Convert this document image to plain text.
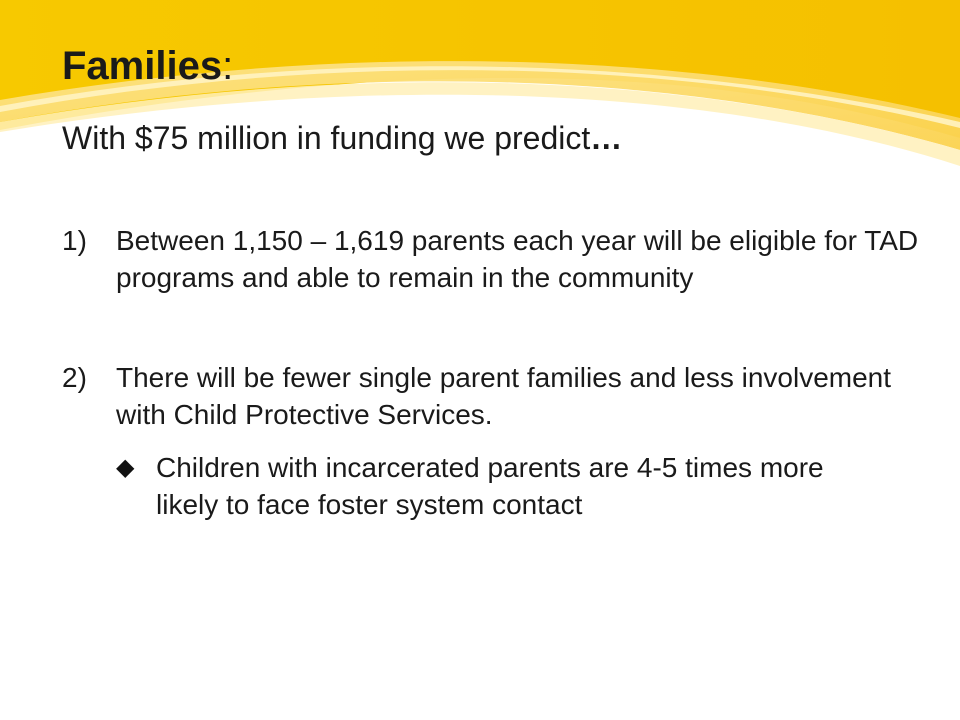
Families:

With $75 million in funding we predict…

1) Between 1,150 – 1,619 parents each year will be eligible for TAD programs and able to remain in the community
2) There will be fewer single parent families and less involvement with Child Protective Services.
◆ Children with incarcerated parents are 4-5 times more likely to face foster system contact
